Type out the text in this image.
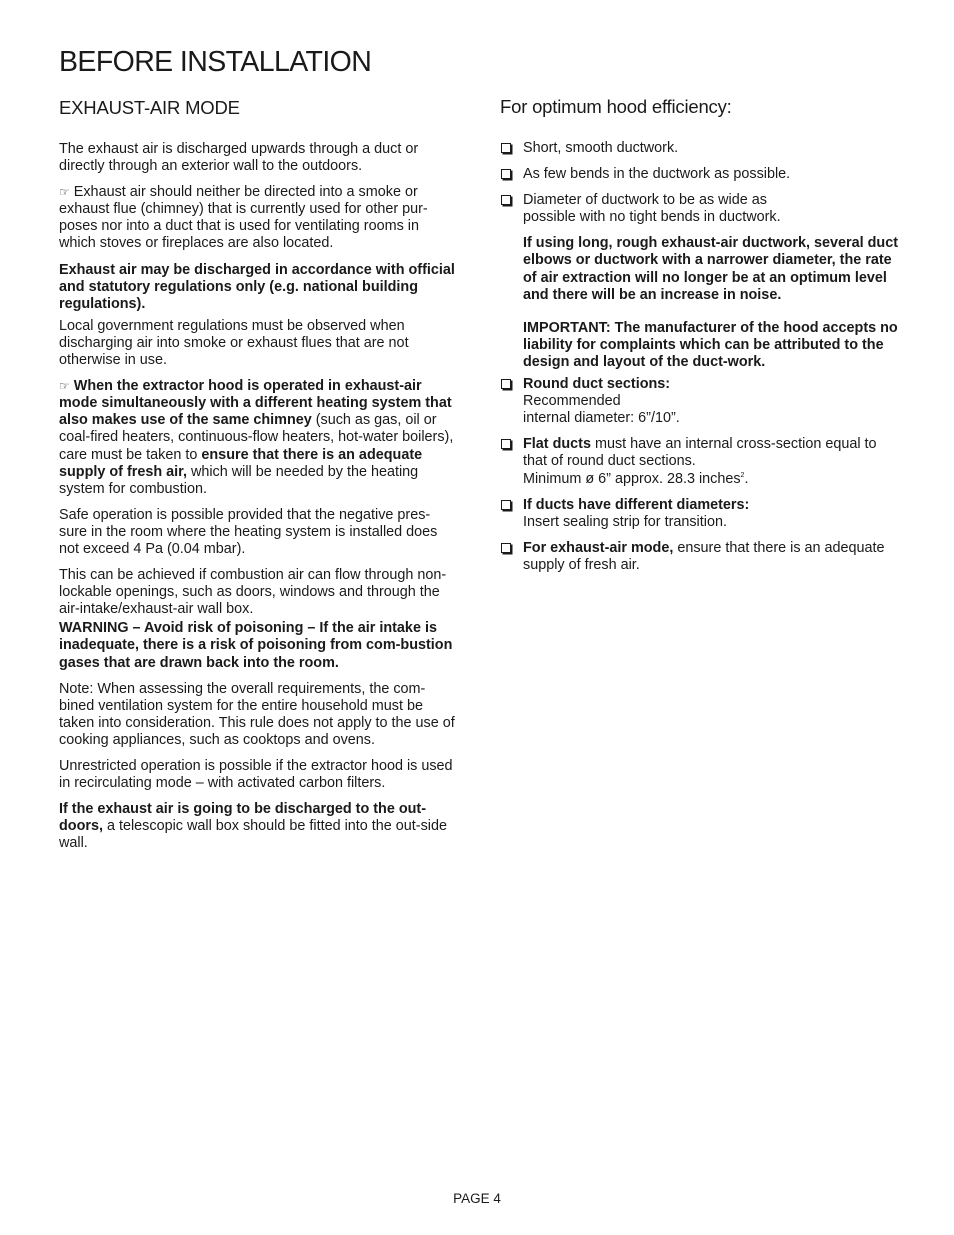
BEFORE INSTALLATION
EXHAUST-AIR MODE

The exhaust air is discharged upwards through a duct or directly through an exterior wall to the outdoors.

☞ Exhaust air should neither be directed into a smoke or exhaust flue (chimney) that is currently used for other pur-poses nor into a duct that is used for ventilating rooms in which stoves or fireplaces are also located.

Exhaust air may be discharged in accordance with official and statutory regulations only (e.g. national building regulations).

Local government regulations must be observed when discharging air into smoke or exhaust flues that are not otherwise in use.

☞ When the extractor hood is operated in exhaust-air mode simultaneously with a different heating system that also makes use of the same chimney (such as gas, oil or coal-fired heaters, continuous-flow heaters, hot-water boilers), care must be taken to ensure that there is an adequate supply of fresh air, which will be needed by the heating system for combustion.

Safe operation is possible provided that the negative pres-sure in the room where the heating system is installed does not exceed 4 Pa (0.04 mbar).

This can be achieved if combustion air can flow through non-lockable openings, such as doors, windows and through the air-intake/exhaust-air wall box.

WARNING – Avoid risk of poisoning – If the air intake is inadequate, there is a risk of poisoning from com-bustion gases that are drawn back into the room.

Note: When assessing the overall requirements, the com-bined ventilation system for the entire household must be taken into consideration. This rule does not apply to the use of cooking appliances, such as cooktops and ovens.

Unrestricted operation is possible if the extractor hood is used in recirculating mode – with activated carbon filters.

If the exhaust air is going to be discharged to the out-doors, a telescopic wall box should be fitted into the out-side wall.

For optimum hood efficiency:
Short, smooth ductwork.
As few bends in the ductwork as possible.
Diameter of ductwork to be as wide as possible with no tight bends in ductwork.
If using long, rough exhaust-air ductwork, several duct elbows or ductwork with a narrower diameter, the rate of air extraction will no longer be at an optimum level and there will be an increase in noise.
IMPORTANT: The manufacturer of the hood accepts no liability for complaints which can be attributed to the design and layout of the duct-work.
Round duct sections:
Recommended
internal diameter: 6”/10”.
Flat ducts must have an internal cross-section equal to that of round duct sections.
Minimum ø 6” approx. 28.3 inches$^2$.
If ducts have different diameters:
Insert sealing strip for transition.
For exhaust-air mode, ensure that there is an adequate supply of fresh air.
PAGE 4
